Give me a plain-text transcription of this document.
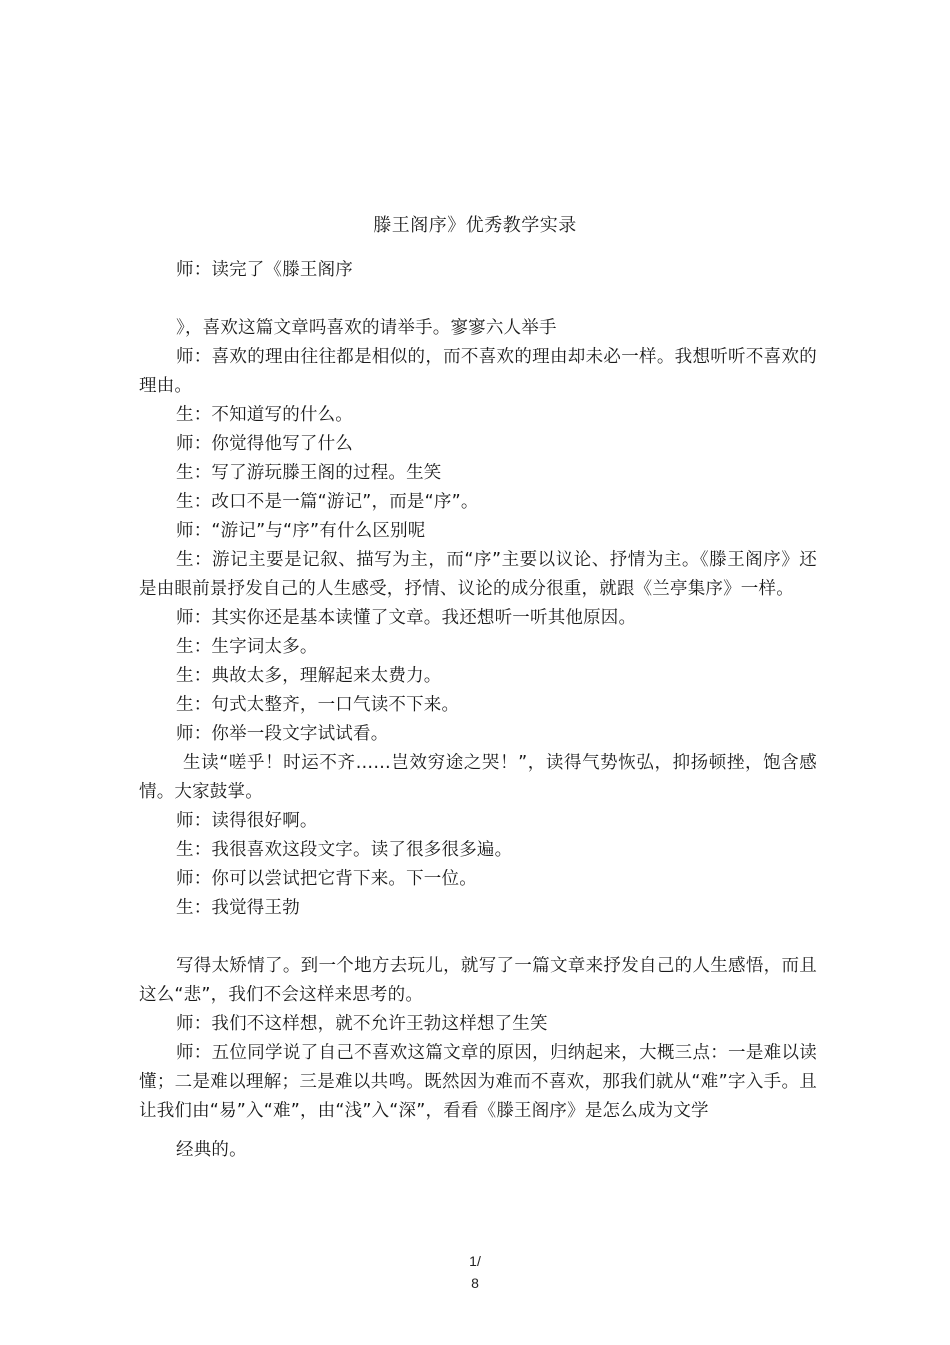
滕王阁序》优秀教学实录

师：读完了《滕王阁序

》，喜欢这篇文章吗喜欢的请举手。寥寥六人举手

师：喜欢的理由往往都是相似的，而不喜欢的理由却未必一样。我想听听不喜欢的理由。

生：不知道写的什么。

师：你觉得他写了什么

生：写了游玩滕王阁的过程。生笑

生：改口不是一篇“游记”，而是“序”。

师：“游记”与“序”有什么区别呢

生：游记主要是记叙、描写为主，而“序”主要以议论、抒情为主。《滕王阁序》还是由眼前景抒发自己的人生感受，抒情、议论的成分很重，就跟《兰亭集序》一样。

师：其实你还是基本读懂了文章。我还想听一听其他原因。

生：生字词太多。

生：典故太多，理解起来太费力。

生：句式太整齐，一口气读不下来。

师：你举一段文字试试看。

生读“嗟乎！时运不齐……岂效穷途之哭！”，读得气势恢弘，抑扬顿挫，饱含感情。大家鼓掌。

师：读得很好啊。

生：我很喜欢这段文字。读了很多很多遍。

师：你可以尝试把它背下来。下一位。

生：我觉得王勃

写得太矫情了。到一个地方去玩儿，就写了一篇文章来抒发自己的人生感悟，而且这么“悲”，我们不会这样来思考的。

师：我们不这样想，就不允许王勃这样想了生笑

师：五位同学说了自己不喜欢这篇文章的原因，归纳起来，大概三点：一是难以读懂；二是难以理解；三是难以共鸣。既然因为难而不喜欢，那我们就从“难”字入手。且让我们由“易”入“难”，由“浅”入“深”，看看《滕王阁序》是怎么成为文学

经典的。

1/
8
